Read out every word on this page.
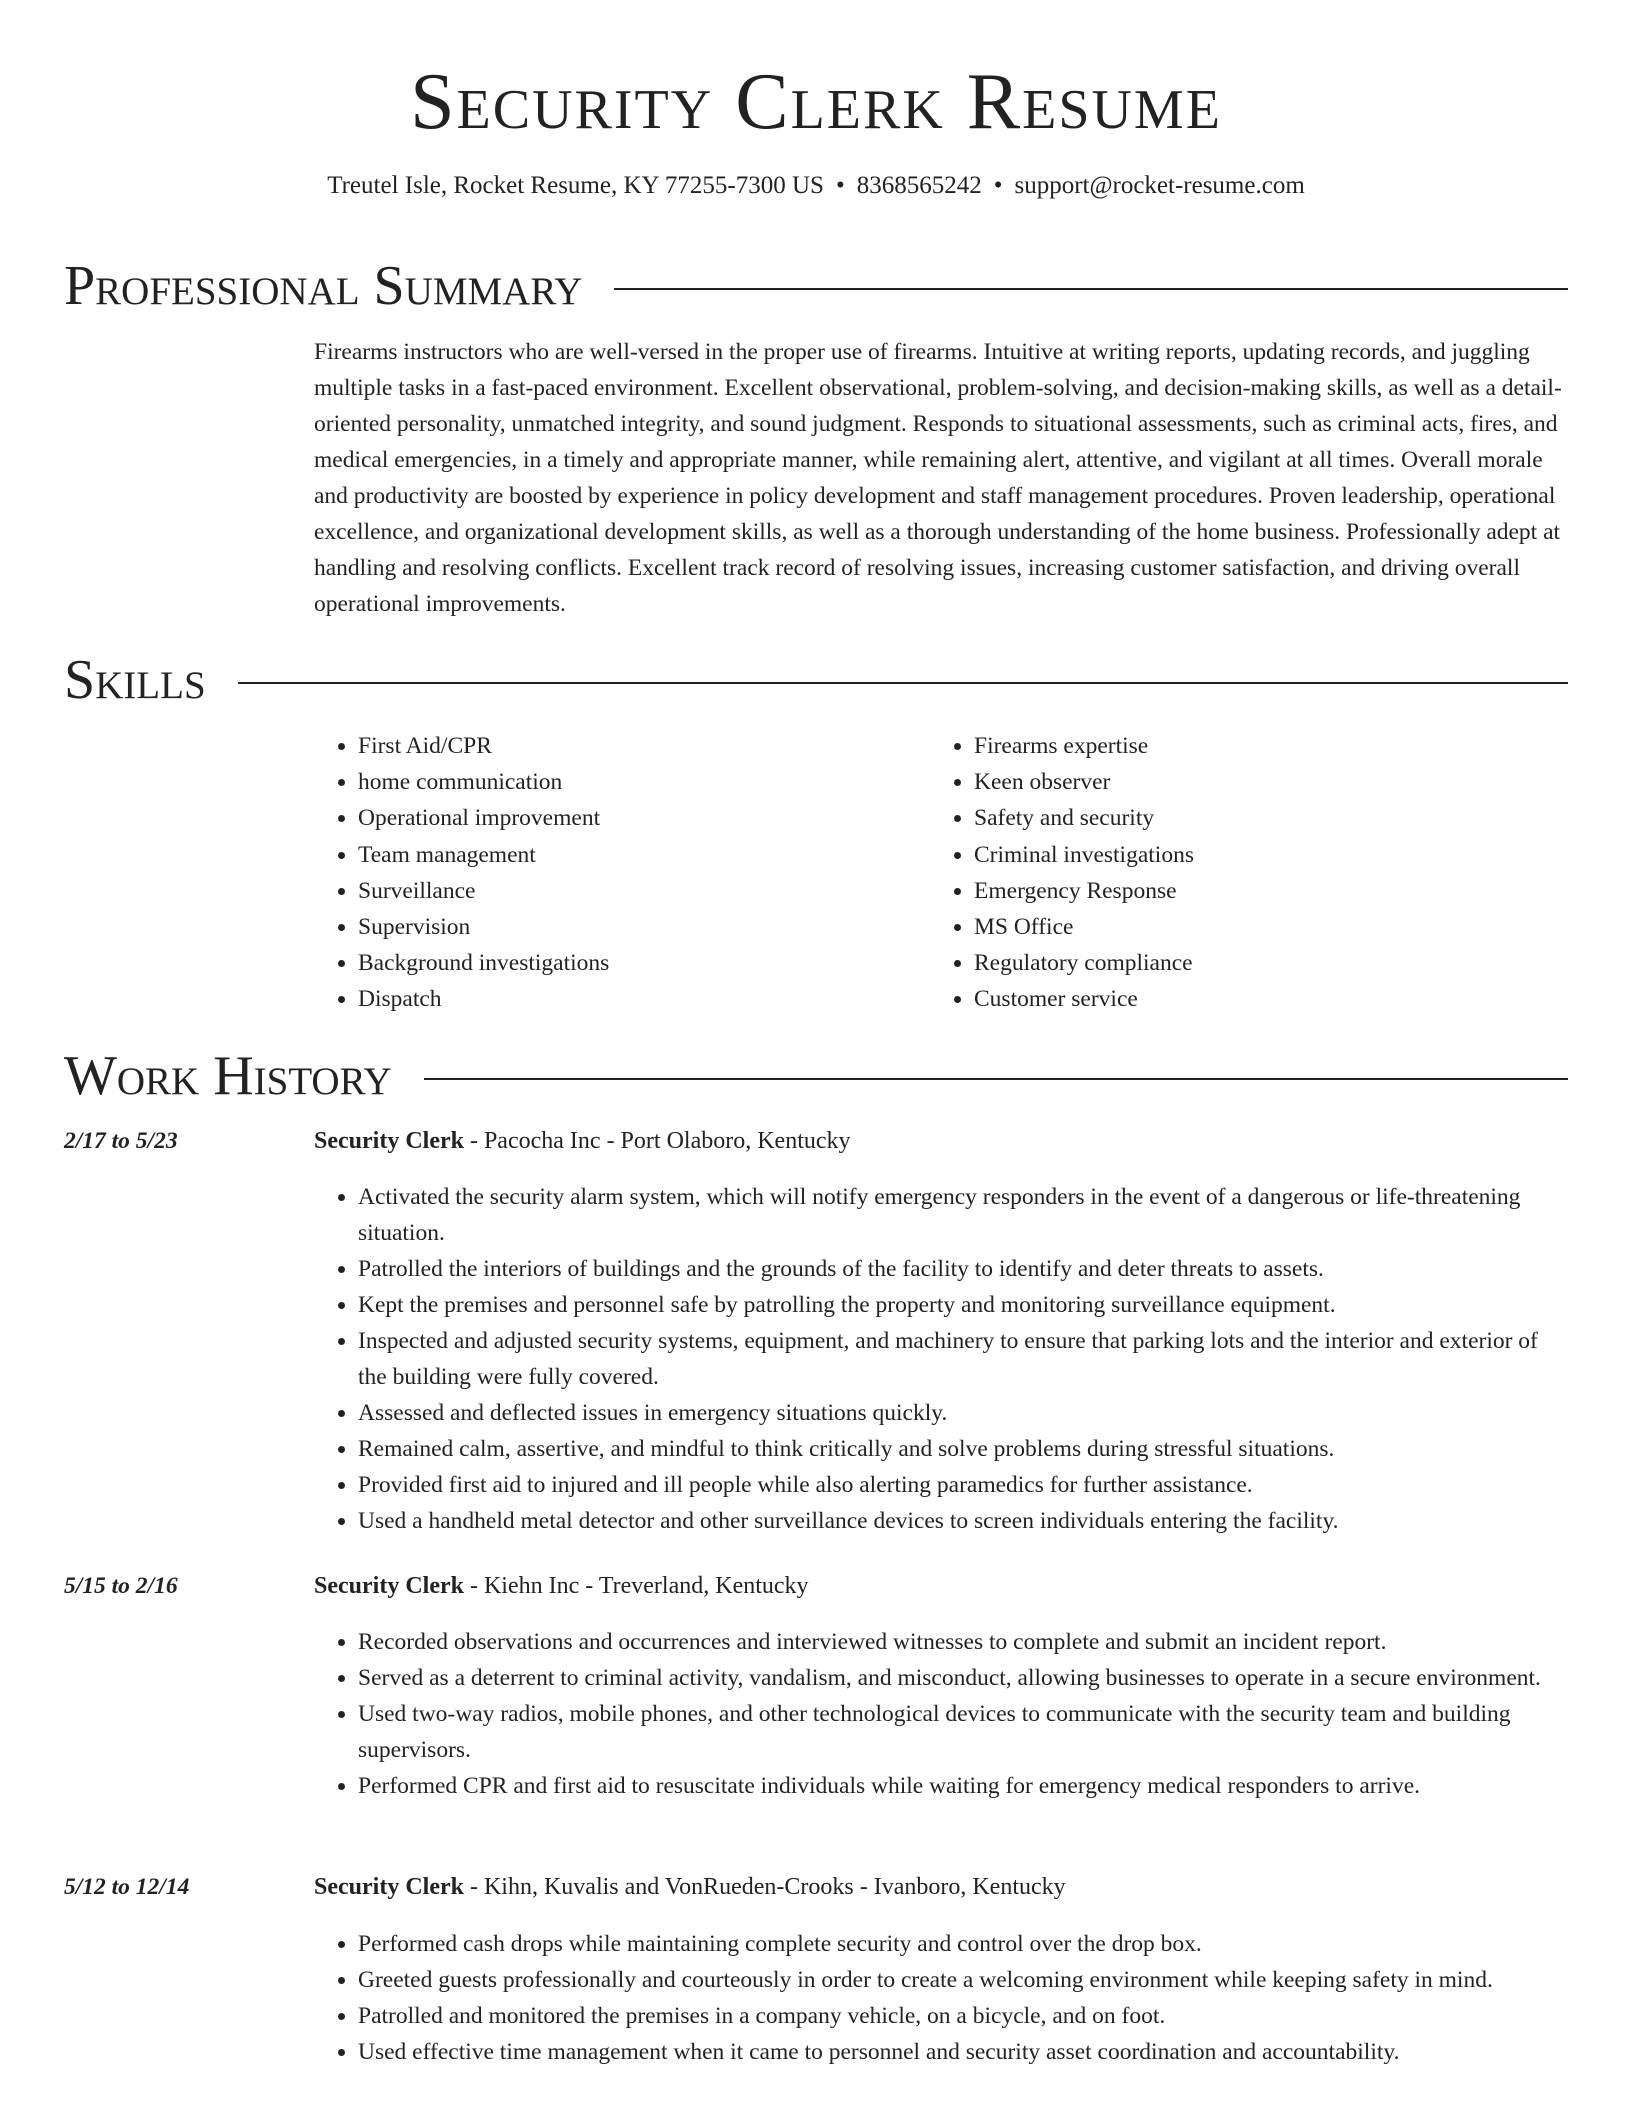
Security Clerk Resume
Treutel Isle, Rocket Resume, KY 77255-7300 US • 8368565242 • support@rocket-resume.com
Professional Summary

Firearms instructors who are well-versed in the proper use of firearms. Intuitive at writing reports, updating records, and juggling multiple tasks in a fast-paced environment. Excellent observational, problem-solving, and decision-making skills, as well as a detail-oriented personality, unmatched integrity, and sound judgment. Responds to situational assessments, such as criminal acts, fires, and medical emergencies, in a timely and appropriate manner, while remaining alert, attentive, and vigilant at all times. Overall morale and productivity are boosted by experience in policy development and staff management procedures. Proven leadership, operational excellence, and organizational development skills, as well as a thorough understanding of the home business. Professionally adept at handling and resolving conflicts. Excellent track record of resolving issues, increasing customer satisfaction, and driving overall operational improvements.

Skills
• First Aid/CPR
• home communication
• Operational improvement
• Team management
• Surveillance
• Supervision
• Background investigations
• Dispatch
• Firearms expertise
• Keen observer
• Safety and security
• Criminal investigations
• Emergency Response
• MS Office
• Regulatory compliance
• Customer service
Work History
2/17 to 5/23	Security Clerk - Pacocha Inc - Port Olaboro, Kentucky
• Activated the security alarm system, which will notify emergency responders in the event of a dangerous or life-threatening situation.
• Patrolled the interiors of buildings and the grounds of the facility to identify and deter threats to assets.
• Kept the premises and personnel safe by patrolling the property and monitoring surveillance equipment.
• Inspected and adjusted security systems, equipment, and machinery to ensure that parking lots and the interior and exterior of the building were fully covered.
• Assessed and deflected issues in emergency situations quickly.
• Remained calm, assertive, and mindful to think critically and solve problems during stressful situations.
• Provided first aid to injured and ill people while also alerting paramedics for further assistance.
• Used a handheld metal detector and other surveillance devices to screen individuals entering the facility.
5/15 to 2/16	Security Clerk - Kiehn Inc - Treverland, Kentucky
• Recorded observations and occurrences and interviewed witnesses to complete and submit an incident report.
• Served as a deterrent to criminal activity, vandalism, and misconduct, allowing businesses to operate in a secure environment.
• Used two-way radios, mobile phones, and other technological devices to communicate with the security team and building supervisors.
• Performed CPR and first aid to resuscitate individuals while waiting for emergency medical responders to arrive.
5/12 to 12/14	Security Clerk - Kihn, Kuvalis and VonRueden-Crooks - Ivanboro, Kentucky
• Performed cash drops while maintaining complete security and control over the drop box.
• Greeted guests professionally and courteously in order to create a welcoming environment while keeping safety in mind.
• Patrolled and monitored the premises in a company vehicle, on a bicycle, and on foot.
• Used effective time management when it came to personnel and security asset coordination and accountability.
